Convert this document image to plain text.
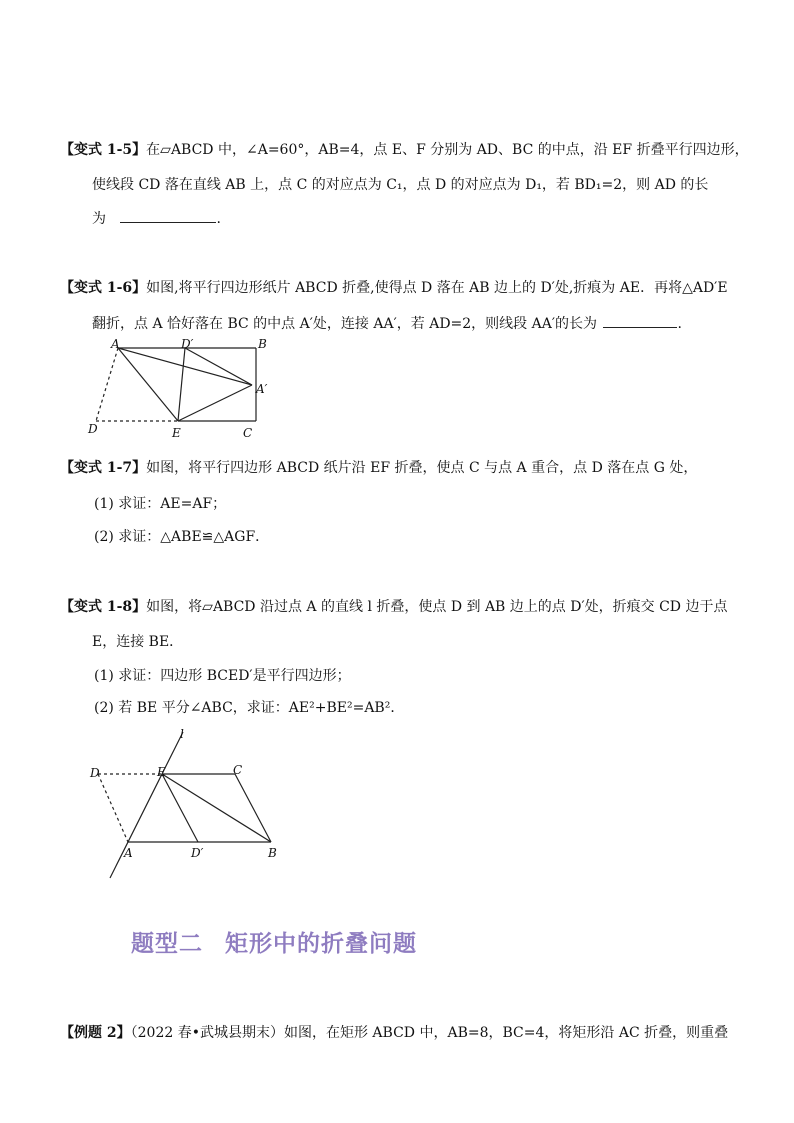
【变式 1-5】在▱ABCD 中，∠A=60°，AB=4，点 E、F 分别为 AD、BC 的中点，沿 EF 折叠平行四边形，
使线段 CD 落在直线 AB 上，点 C 的对应点为 C₁，点 D 的对应点为 D₁，若 BD₁=2，则 AD 的长
为	.
【变式 1-6】如图,将平行四边形纸片 ABCD 折叠,使得点 D 落在 AB 边上的 D′处,折痕为 AE．再将△AD′E
翻折，点 A 恰好落在 BC 的中点 A′处，连接 AA′，若 AD=2，则线段 AA′的长为	.
A	D′	B
A′
D	E	C
【变式 1-7】如图，将平行四边形 ABCD 纸片沿 EF 折叠，使点 C 与点 A 重合，点 D 落在点 G 处，
(1) 求证：AE=AF；
(2) 求证：△ABE≌△AGF．
【变式 1-8】如图，将▱ABCD 沿过点 A 的直线 l 折叠，使点 D 到 AB 边上的点 D′处，折痕交 CD 边于点
E，连接 BE．
(1) 求证：四边形 BCED′是平行四边形；
(2) 若 BE 平分∠ABC，求证：AE²+BE²=AB²．
l
D	E	C
A	D′	B
题型二 矩形中的折叠问题
【例题 2】（2022 春•武城县期末）如图，在矩形 ABCD 中，AB=8，BC=4，将矩形沿 AC 折叠，则重叠
